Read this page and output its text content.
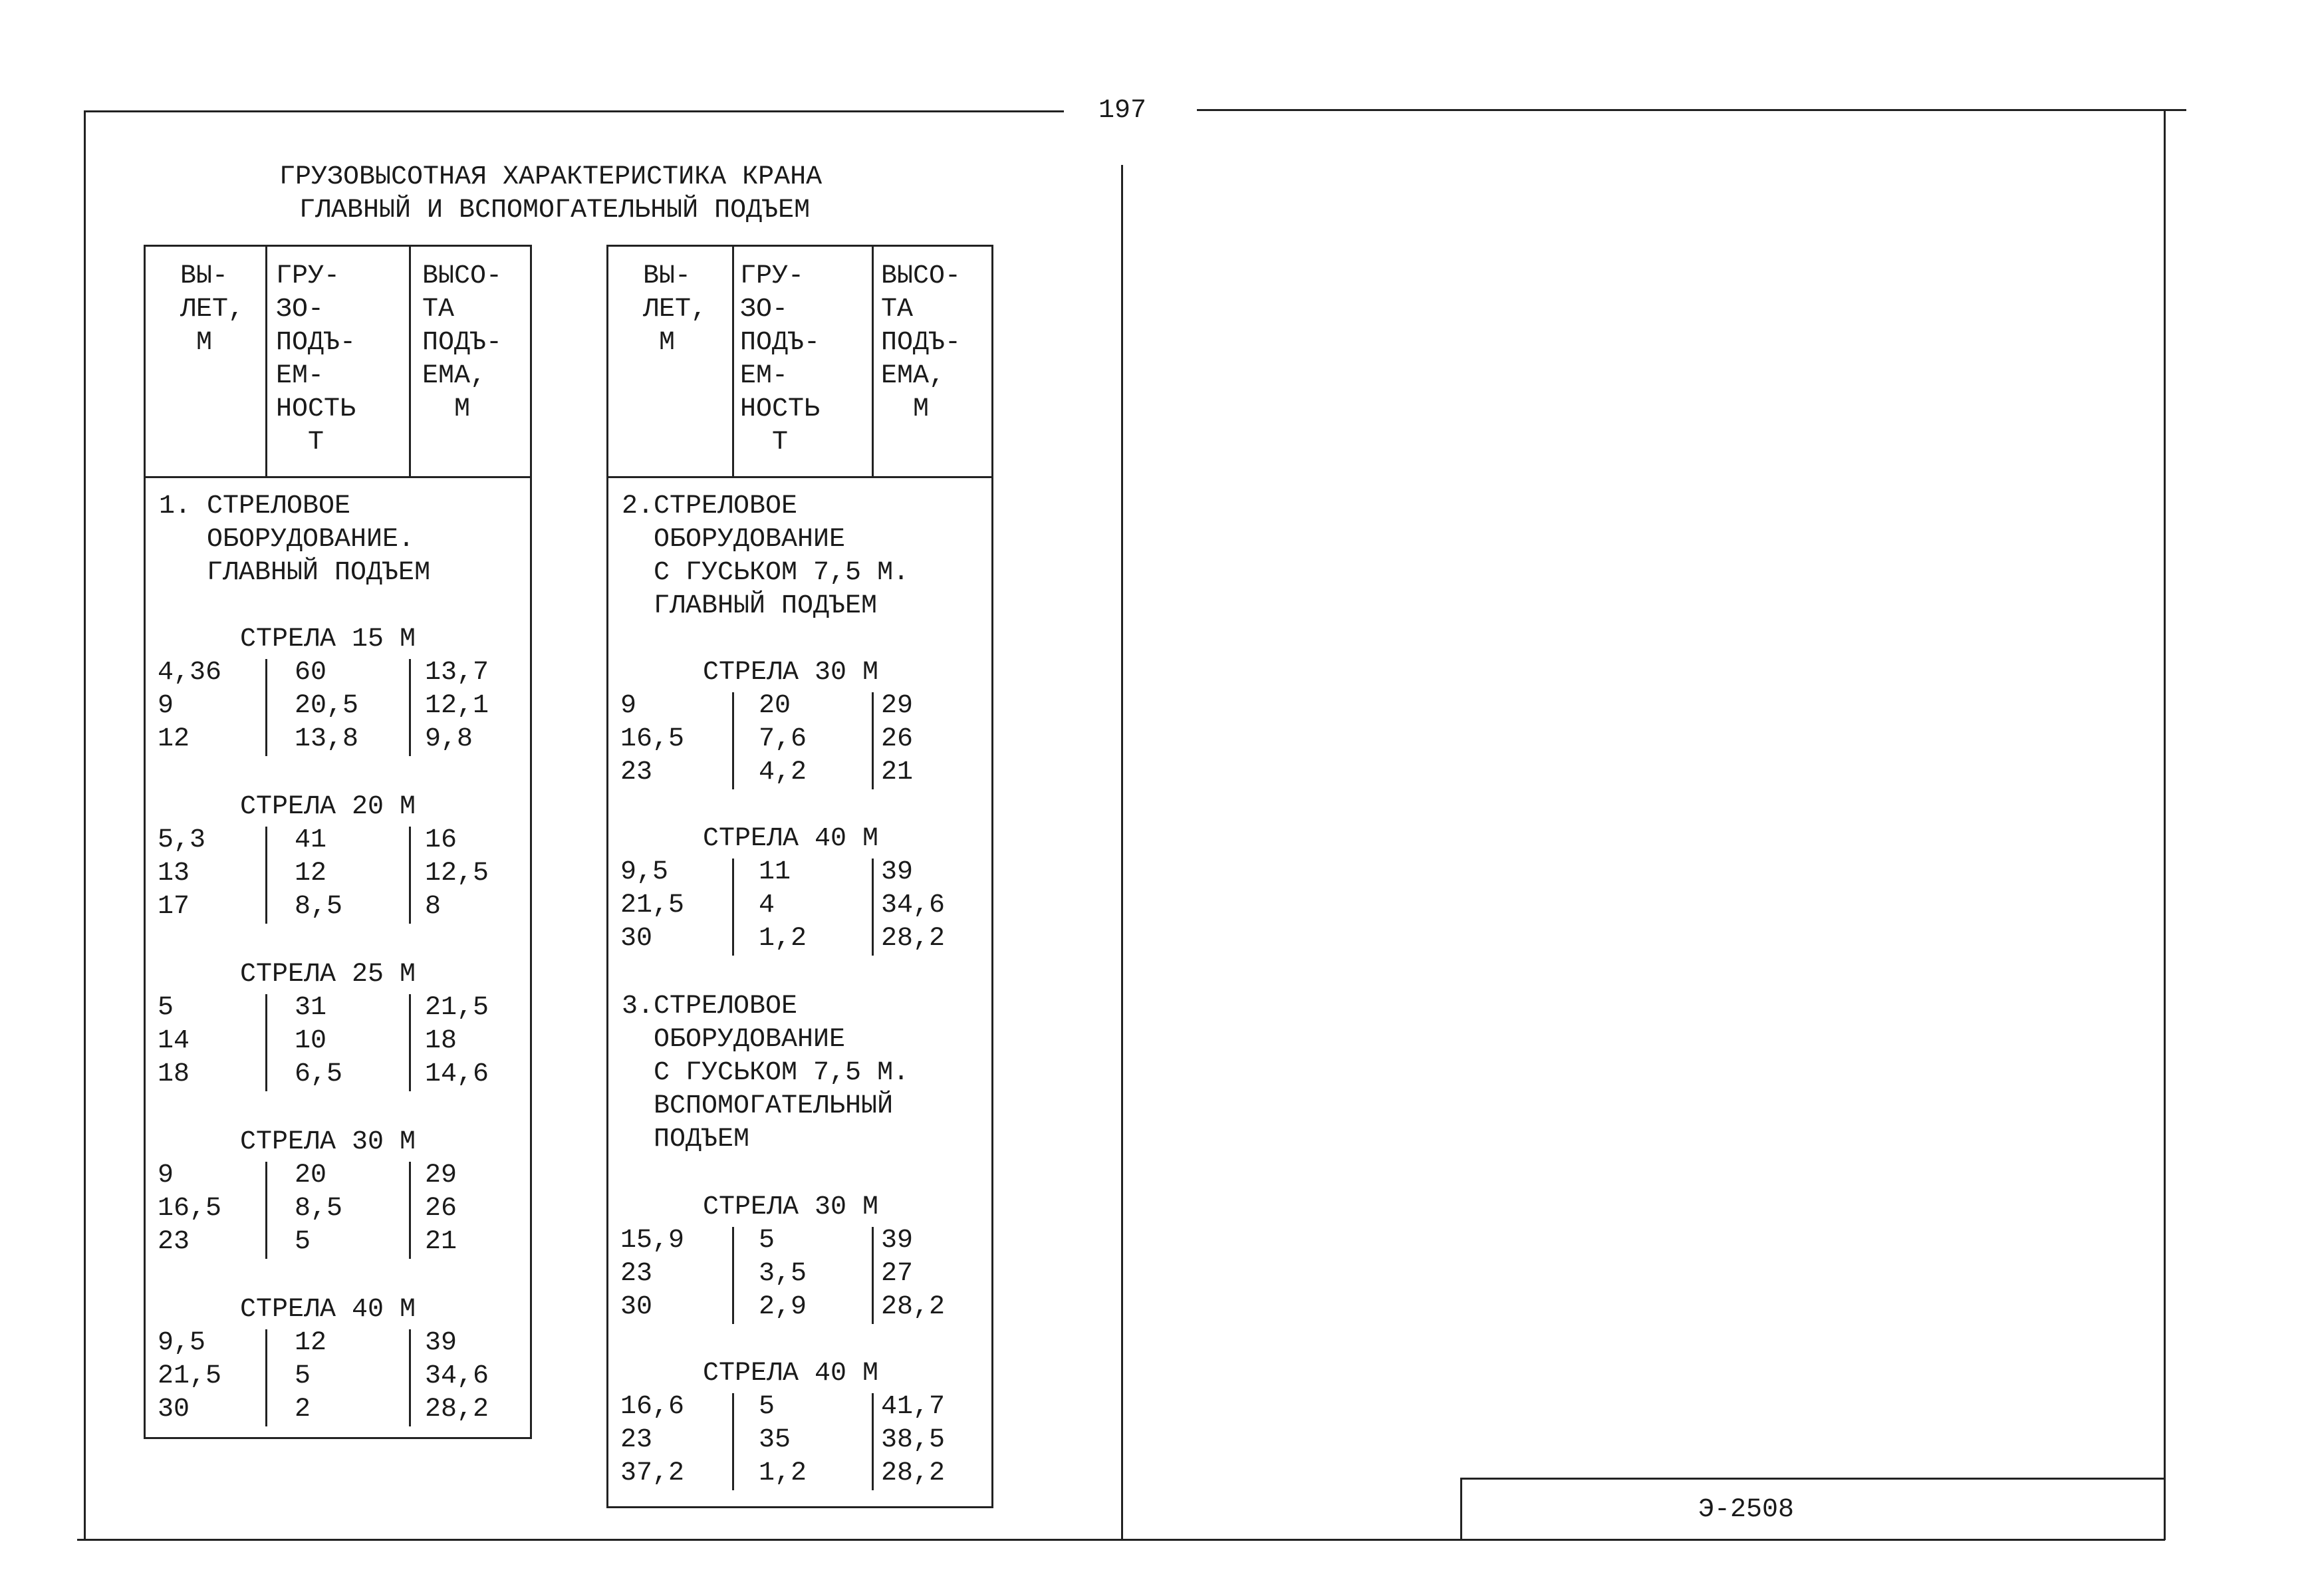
197
ГРУЗОВЫСОТНАЯ ХАРАКТЕРИСТИКА КРАНА
ГЛАВНЫЙ И ВСПОМОГАТЕЛЬНЫЙ ПОДЪЕМ
ВЫ-
ЛЕТ,
М
ГРУ-
ЗО-
ПОДЪ-
ЕМ-
НОСТЬ
Т
ВЫСО-
ТА
ПОДЪ-
ЕМА,
М
1. СТРЕЛОВОЕ
ОБОРУДОВАНИЕ.
ГЛАВНЫЙ ПОДЪЕМ
СТРЕЛА 15 М
4,36	60	13,7
9	20,5 12,1
12	13,8 9,8
СТРЕЛА 20 М
5,3	41	16
13	12	12,5
17	8,5	8
СТРЕЛА 25 М
5	31	21,5
14	10	18
18	6,5	14,6
СТРЕЛА 30 М
9	20	29
16,5	8,5	26
23	5	21
СТРЕЛА 40 М
9,5	12	39
21,5	5	34,6
30	2	28,2
ВЫ-
ЛЕТ,
М
ГРУ-
ЗО-
ПОДЪ-
ЕМ-
НОСТЬ
Т
ВЫСО-
ТА
ПОДЪ-
ЕМА,
М
2.СТРЕЛОВОЕ
ОБОРУДОВАНИЕ
С ГУСЬКОМ 7,5 М.
ГЛАВНЫЙ ПОДЪЕМ
СТРЕЛА 30 М
9	20	29
16,5	7,6	26
23	4,2	21
СТРЕЛА 40 М
9,5	11	39
21,5	4	34,6
30	1,2	28,2
3.СТРЕЛОВОЕ
ОБОРУДОВАНИЕ
С ГУСЬКОМ 7,5 М.
ВСПОМОГАТЕЛЬНЫЙ
ПОДЪЕМ
СТРЕЛА 30 М
15,9	5	39
23	3,5	27
30	2,9	28,2
СТРЕЛА 40 М
16,6	5	41,7
23	35	38,5
37,2	1,2	28,2
Э-2508
